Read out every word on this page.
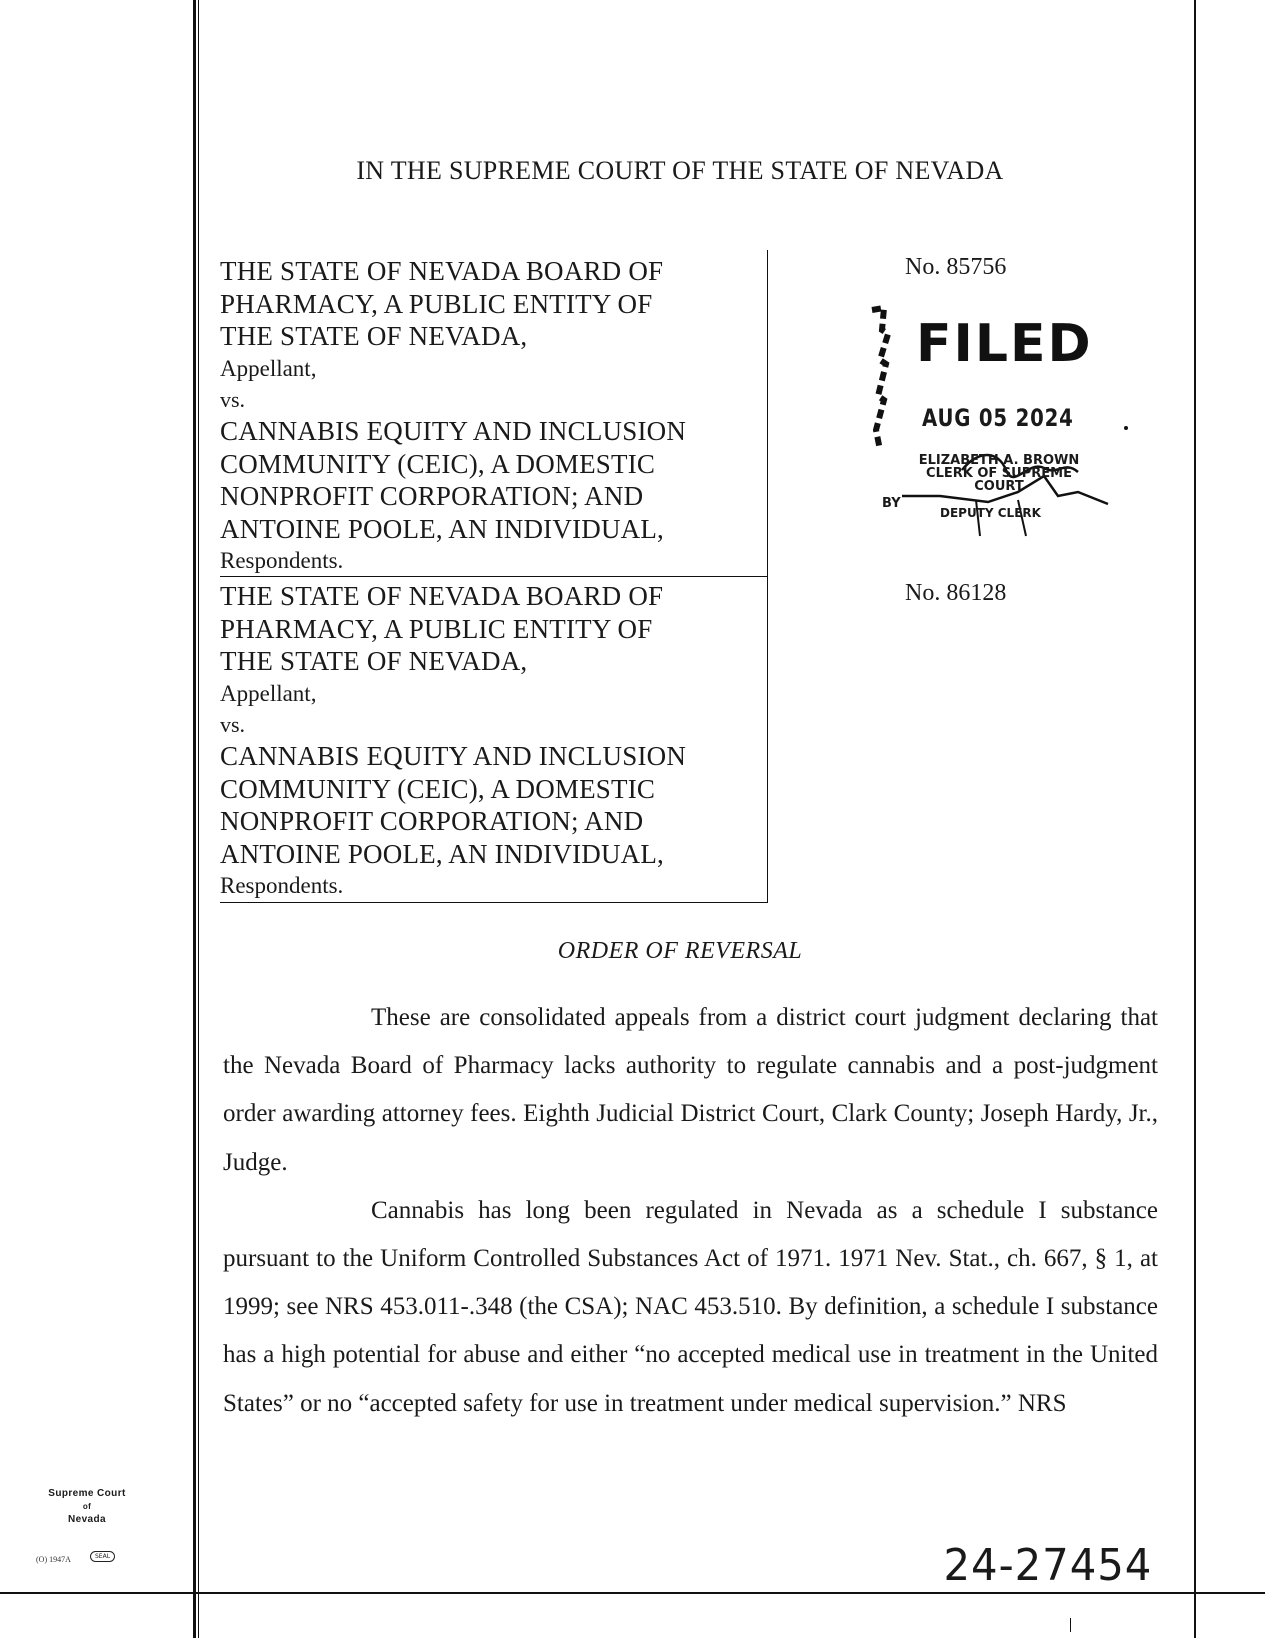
IN THE SUPREME COURT OF THE STATE OF NEVADA
THE STATE OF NEVADA BOARD OF
PHARMACY, A PUBLIC ENTITY OF
THE STATE OF NEVADA,
Appellant,
vs.
CANNABIS EQUITY AND INCLUSION
COMMUNITY (CEIC), A DOMESTIC
NONPROFIT CORPORATION; AND
ANTOINE POOLE, AN INDIVIDUAL,
Respondents.
THE STATE OF NEVADA BOARD OF
PHARMACY, A PUBLIC ENTITY OF
THE STATE OF NEVADA,
Appellant,
vs.
CANNABIS EQUITY AND INCLUSION
COMMUNITY (CEIC), A DOMESTIC
NONPROFIT CORPORATION; AND
ANTOINE POOLE, AN INDIVIDUAL,
Respondents.
No. 85756
No. 86128
FILED
AUG 05 2024
ELIZABETH A. BROWN
CLERK OF SUPREME COURT
BY
DEPUTY CLERK
ORDER OF REVERSAL

These are consolidated appeals from a district court judgment declaring that the Nevada Board of Pharmacy lacks authority to regulate cannabis and a post-judgment order awarding attorney fees. Eighth Judicial District Court, Clark County; Joseph Hardy, Jr., Judge.

Cannabis has long been regulated in Nevada as a schedule I substance pursuant to the Uniform Controlled Substances Act of 1971. 1971 Nev. Stat., ch. 667, § 1, at 1999; see NRS 453.011-.348 (the CSA); NAC 453.510. By definition, a schedule I substance has a high potential for abuse and either “no accepted medical use in treatment in the United States” or no “accepted safety for use in treatment under medical supervision.” NRS

Supreme Court
of
Nevada
(O) 1947A	SEAL	24-27454
